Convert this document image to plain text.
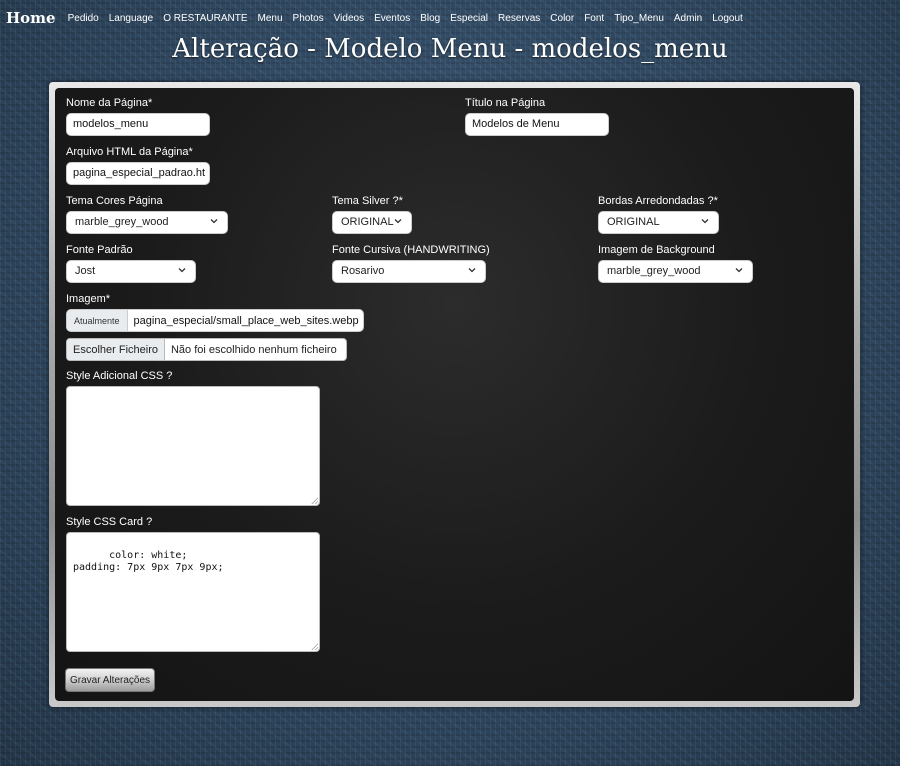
Home Pedido Language O RESTAURANTE Menu Photos Videos Eventos Blog Especial Reservas Color Font Tipo_Menu Admin Logout
Alteração - Modelo Menu - modelos_menu
Nome da Página*
modelos_menu
Título na Página
Modelos de Menu
Arquivo HTML da Página*
pagina_especial_padrao.ht
Tema Cores Página
marble_grey_wood
Tema Silver ?*
ORIGINAL
Bordas Arredondadas ?*
ORIGINAL
Fonte Padrão
Jost
Fonte Cursiva (HANDWRITING)
Rosarivo
Imagem de Background
marble_grey_wood
Imagem*
Atualmente	pagina_especial/small_place_web_sites.webp
Escolher Ficheiro	Não foi escolhido nenhum ficheiro
Style Adicional CSS ?

Style CSS Card ?

color: white;
padding: 7px 9px 7px 9px;

Gravar Alterações
